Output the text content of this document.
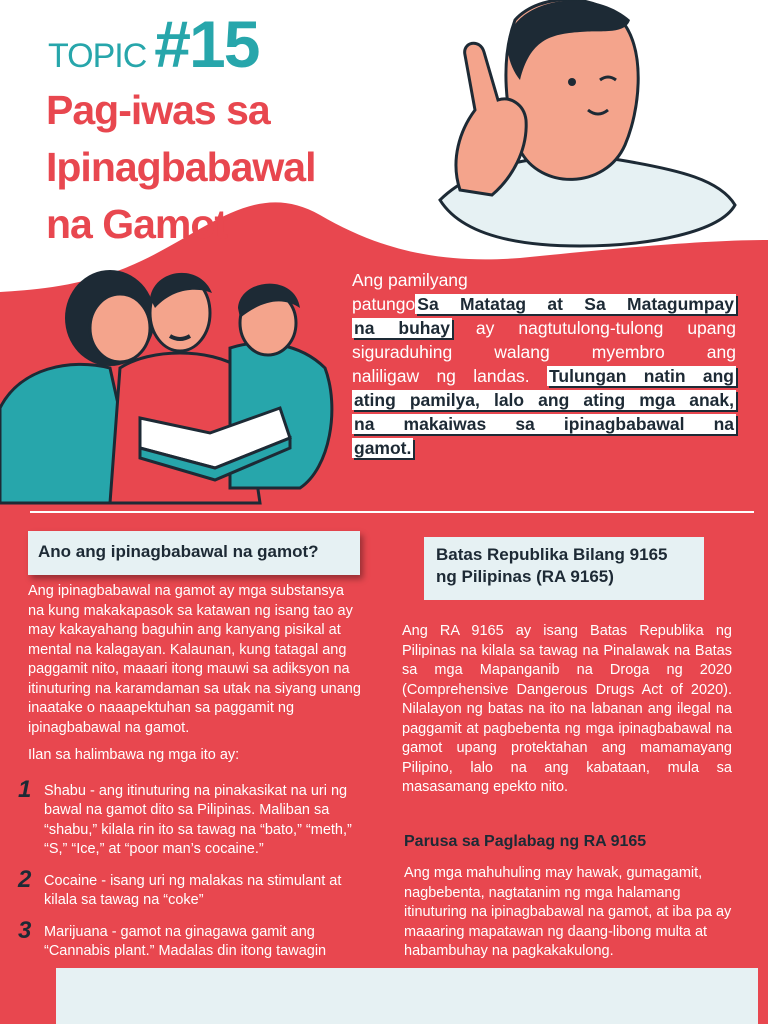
TOPIC #15
Pag-iwas sa
Ipinagbabawal
na Gamot
Ang pamilyang
patungo Sa Matatag at Sa Matagumpay
na buhay ay nagtutulong-tulong upang
siguraduhing walang myembro ang
naliligaw ng landas. Tulungan natin ang
ating pamilya, lalo ang ating mga anak,
na makaiwas sa ipinagbabawal na
gamot.
Ano ang ipinagbabawal na gamot?

Ang ipinagbabawal na gamot ay mga substansya na kung makakapasok sa katawan ng isang tao ay may kakayahang baguhin ang kanyang pisikal at mental na kalagayan. Kalaunan, kung tatagal ang paggamit nito, maaari itong mauwi sa adiksyon na itinuturing na karamdaman sa utak na siyang unang inaatake o naaapektuhan sa paggamit ng ipinagbabawal na gamot.

Ilan sa halimbawa ng mga ito ay:

1 Shabu - ang itinuturing na pinakasikat na uri ng bawal na gamot dito sa Pilipinas. Maliban sa “shabu,” kilala rin ito sa tawag na “bato,” “meth,” “S,” “Ice,” at “poor man’s cocaine.”
2 Cocaine - isang uri ng malakas na stimulant at kilala sa tawag na “coke”
3 Marijuana - gamot na ginagawa gamit ang “Cannabis plant.” Madalas din itong tawagin
Batas Republika Bilang 9165
ng Pilipinas (RA 9165)
Ang RA 9165 ay isang Batas Republika ng Pilipinas na kilala sa tawag na Pinalawak na Batas sa mga Mapanganib na Droga ng 2020 (Comprehensive Dangerous Drugs Act of 2020). Nilalayon ng batas na ito na labanan ang ilegal na paggamit at pagbebenta ng mga ipinagbabawal na gamot upang protektahan ang mamamayang Pilipino, lalo na ang kabataan, mula sa masasamang epekto nito.
Parusa sa Paglabag ng RA 9165
Ang mga mahuhuling may hawak, gumagamit, nagbebenta, nagtatanim ng mga halamang itinuturing na ipinagbabawal na gamot, at iba pa ay maaaring mapatawan ng daang-libong multa at habambuhay na pagkakakulong.
